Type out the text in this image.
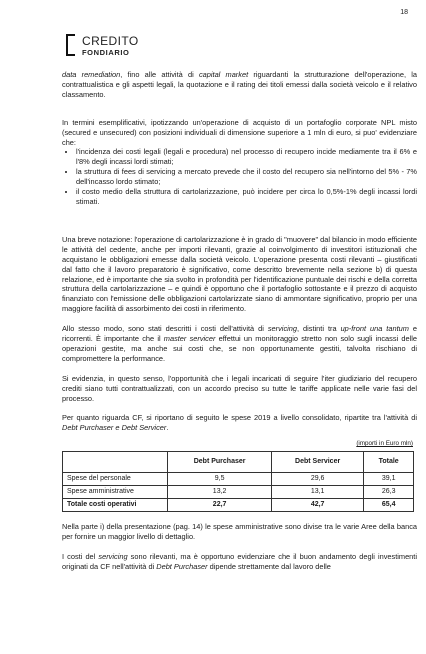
18
CREDITO
FONDIARIO

data remediation, fino alle attività di capital market riguardanti la strutturazione dell'operazione, la contrattualistica e gli aspetti legali, la quotazione e il rating dei titoli emessi dalla società veicolo e il relativo classamento.

In termini esemplificativi, ipotizzando un'operazione di acquisto di un portafoglio corporate NPL misto (secured e unsecured) con posizioni individuali di dimensione superiore a 1 mln di euro, si puo' evidenziare che:

• l'incidenza dei costi legali (legali e procedura) nel processo di recupero incide mediamente tra il 6% e l'8% degli incassi lordi stimati;
• la struttura di fees di servicing a mercato prevede che il costo del recupero sia nell'intorno del 5% - 7% dell'incasso lordo stimato;
• il costo medio della struttura di cartolarizzazione, può incidere per circa lo 0,5%-1% degli incassi lordi stimati.

Una breve notazione: l'operazione di cartolarizzazione è in grado di "muovere" dal bilancio in modo efficiente le attività del cedente, anche per importi rilevanti, grazie al coinvolgimento di investitori istituzionali che acquistano le obbligazioni emesse dalla società veicolo. L'operazione presenta costi rilevanti – giustificati dal fatto che il lavoro preparatorio è significativo, come descritto brevemente nella sezione b) di questa relazione, ed è importante che sia svolto in profondità per l'identificazione puntuale dei rischi e della corretta struttura della cartolarizzazione – e quindi è opportuno che il portafoglio sottostante e il prezzo di acquisto finanziato con l'emissione delle obbligazioni cartolarizzate siano di ammontare significativo, proprio per una maggiore facilità di assorbimento dei costi in riferimento.

Allo stesso modo, sono stati descritti i costi dell'attività di servicing, distinti tra up-front una tantum e ricorrenti. È importante che il master servicer effettui un monitoraggio stretto non solo sugli incassi delle operazioni gestite, ma anche sui costi che, se non opportunamente gestiti, talvolta rischiano di compromettere la performance.

Si evidenzia, in questo senso, l'opportunità che i legali incaricati di seguire l'iter giudiziario del recupero crediti siano tutti contrattualizzati, con un accordo preciso su tutte le tariffe applicate nelle varie fasi del processo.

Per quanto riguarda CF, si riportano di seguito le spese 2019 a livello consolidato, ripartite tra l'attività di Debt Purchaser e Debt Servicer.

(importi in Euro mln)
	Debt Purchaser	Debt Servicer	Totale
Spese del personale	9,5	29,6	39,1
Spese amministrative	13,2	13,1	26,3
Totale costi operativi	22,7	42,7	65,4

Nella parte i) della presentazione (pag. 14) le spese amministrative sono divise tra le varie Aree della banca per fornire un maggior livello di dettaglio.

I costi del servicing sono rilevanti, ma è opportuno evidenziare che il buon andamento degli investimenti originati da CF nell'attività di Debt Purchaser dipende strettamente dal lavoro delle
